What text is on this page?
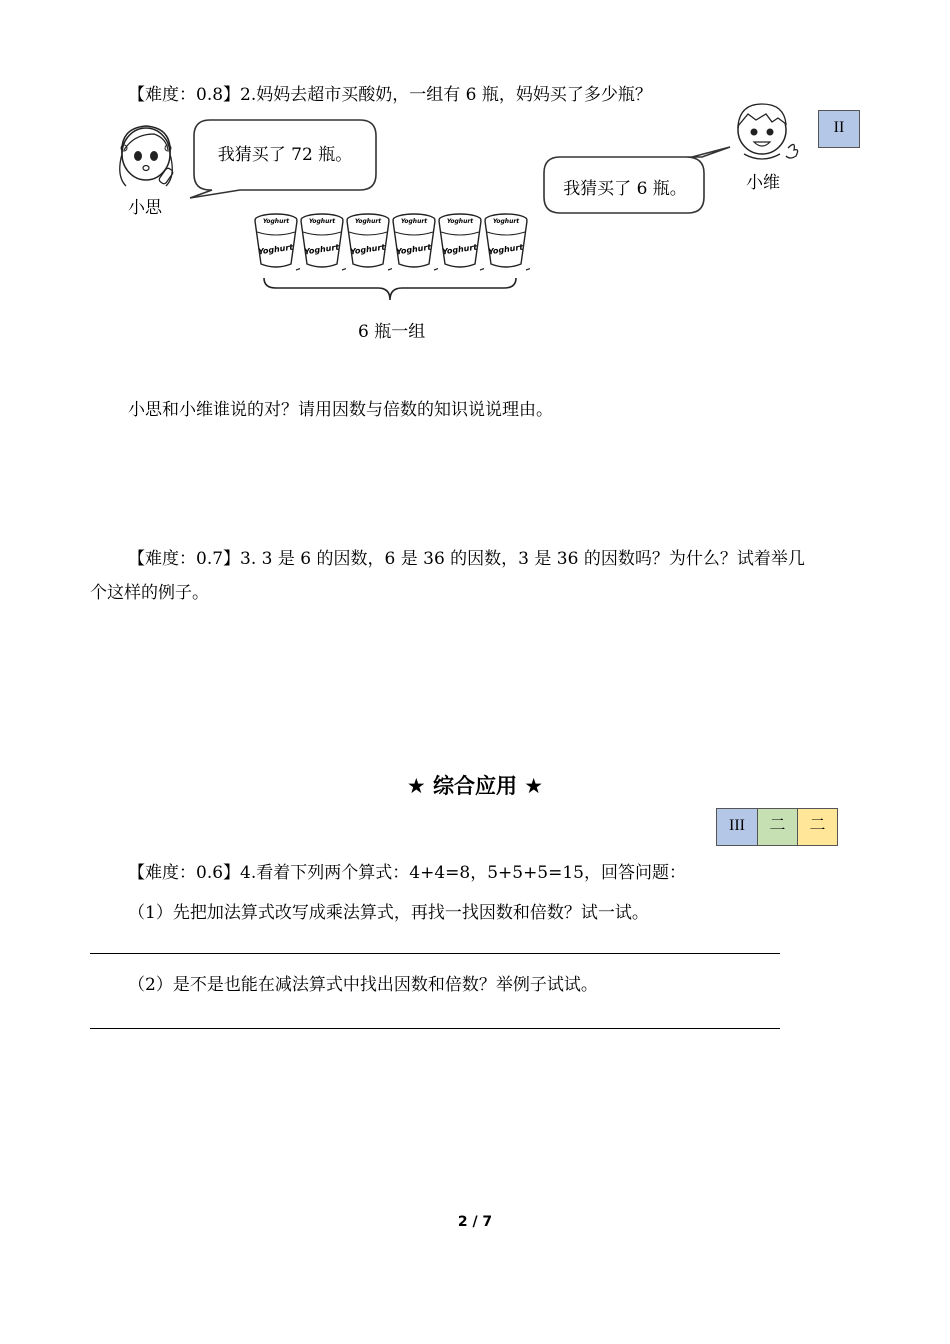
【难度：0.8】2.妈妈去超市买酸奶，一组有 6 瓶，妈妈买了多少瓶？
小思
我猜买了 72 瓶。
小维
我猜买了 6 瓶。
Yoghurt
Yoghurt
Yoghurt
Yoghurt
Yoghurt
Yoghurt
Yoghurt
Yoghurt
Yoghurt
Yoghurt
Yoghurt
Yoghurt
6 瓶一组
II
小思和小维谁说的对？请用因数与倍数的知识说说理由。
【难度：0.7】3. 3 是 6 的因数，6 是 36 的因数，3 是 36 的因数吗？为什么？试着举几
个这样的例子。
★ 综合应用 ★
III	二	二
【难度：0.6】4.看着下列两个算式：4+4=8，5+5+5=15，回答问题：
（1）先把加法算式改写成乘法算式，再找一找因数和倍数？试一试。
（2）是不是也能在减法算式中找出因数和倍数？举例子试试。
2 / 7
